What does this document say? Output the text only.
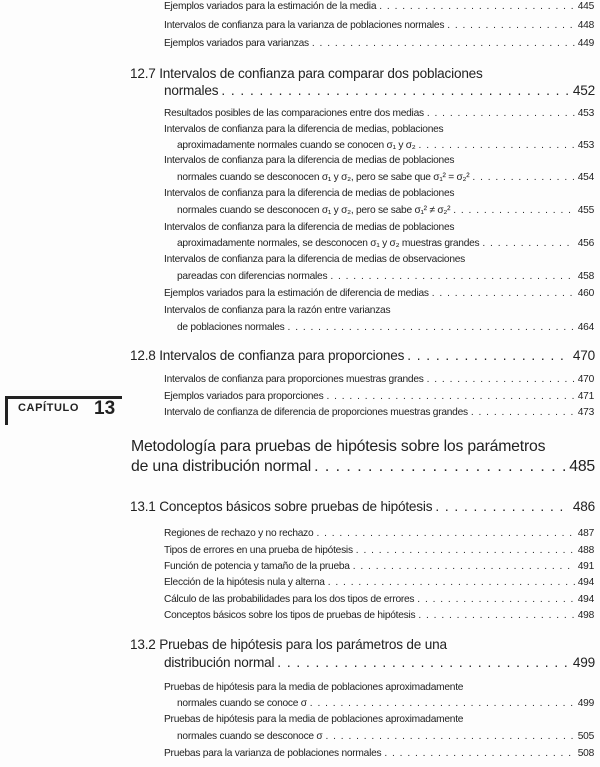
Ejemplos variados para la estimación de la media . . .	445
Intervalos de confianza para la varianza de poblaciones normales . . .	448
Ejemplos variados para varianzas . . .	449
12.7 Intervalos de confianza para comparar dos poblaciones
normales . . .	452
Resultados posibles de las comparaciones entre dos medias . . .	453
Intervalos de confianza para la diferencia de medias, poblaciones
aproximadamente normales cuando se conocen σ₁ y σ₂ . . .	453
Intervalos de confianza para la diferencia de medias de poblaciones
normales cuando se desconocen σ₁ y σ₂, pero se sabe que σ₁² = σ₂² . . .	454
Intervalos de confianza para la diferencia de medias de poblaciones
normales cuando se desconocen σ₁ y σ₂, pero se sabe σ₁² ≠ σ₂² . . .	455
Intervalos de confianza para la diferencia de medias de poblaciones
aproximadamente normales, se desconocen σ₁ y σ₂ muestras grandes . . .	456
Intervalos de confianza para la diferencia de medias de observaciones
pareadas con diferencias normales . . .	458
Ejemplos variados para la estimación de diferencia de medias . . .	460
Intervalos de confianza para la razón entre varianzas
de poblaciones normales . . .	464
12.8 Intervalos de confianza para proporciones . . .	470
Intervalos de confianza para proporciones muestras grandes . . .	470
Ejemplos variados para proporciones . . .	471
Intervalo de confianza de diferencia de proporciones muestras grandes . . .	473
CAPÍTULO 13
Metodología para pruebas de hipótesis sobre los parámetros
de una distribución normal . . .	485
13.1 Conceptos básicos sobre pruebas de hipótesis . . .	486
Regiones de rechazo y no rechazo . . .	487
Tipos de errores en una prueba de hipótesis . . .	488
Función de potencia y tamaño de la prueba . . .	491
Elección de la hipótesis nula y alterna . . .	494
Cálculo de las probabilidades para los dos tipos de errores . . .	494
Conceptos básicos sobre los tipos de pruebas de hipótesis . . .	498
13.2 Pruebas de hipótesis para los parámetros de una
distribución normal . . .	499
Pruebas de hipótesis para la media de poblaciones aproximadamente
normales cuando se conoce σ . . .	499
Pruebas de hipótesis para la media de poblaciones aproximadamente
normales cuando se desconoce σ . . .	505
Pruebas para la varianza de poblaciones normales . . .	508
